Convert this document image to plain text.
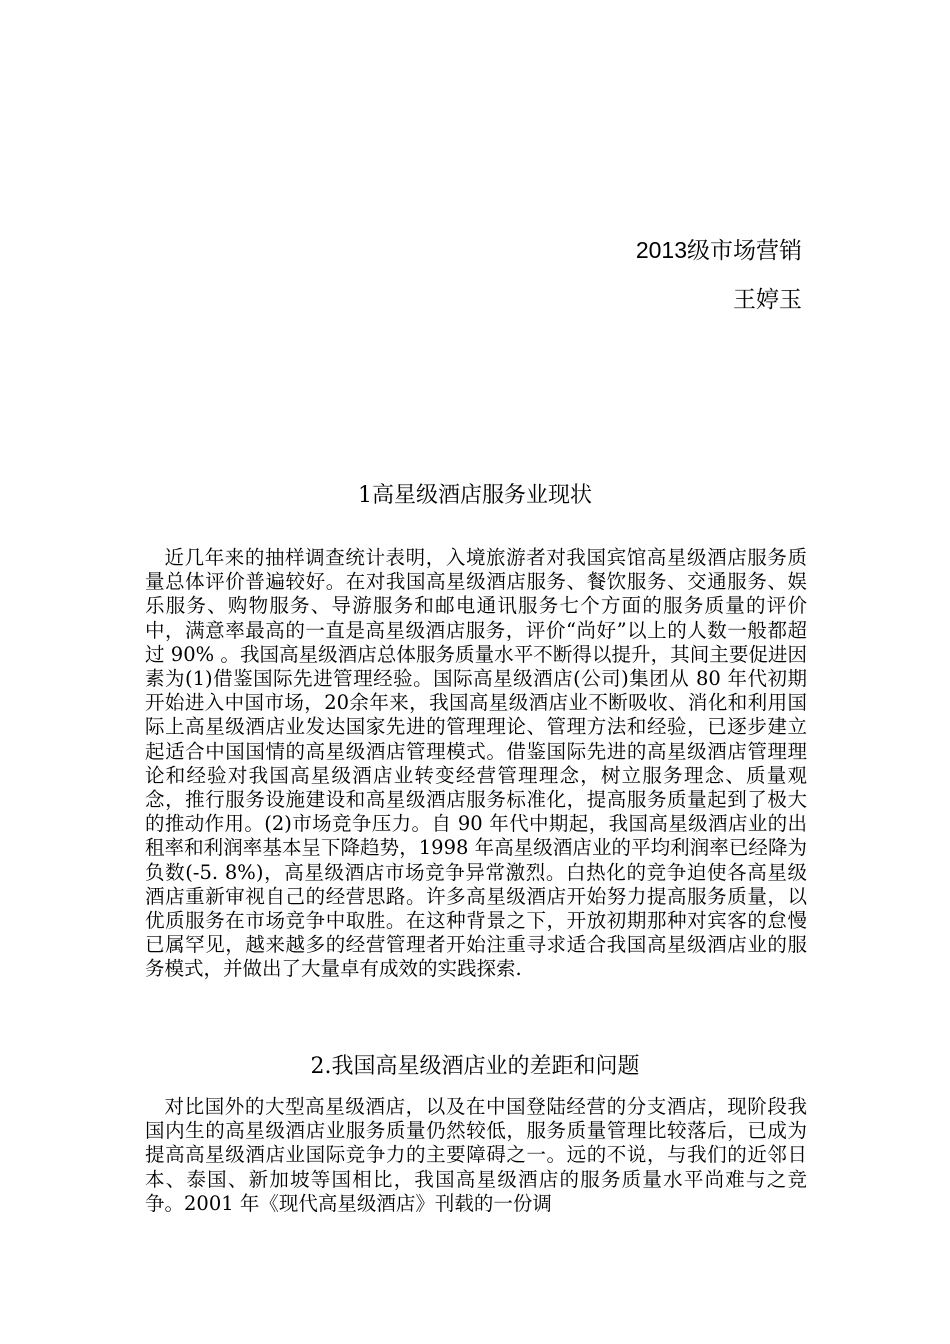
2013级市场营销
王婷玉
1高星级酒店服务业现状

近几年来的抽样调查统计表明，入境旅游者对我国宾馆高星级酒店服务质量总体评价普遍较好。在对我国高星级酒店服务、餐饮服务、交通服务、娱乐服务、购物服务、导游服务和邮电通讯服务七个方面的服务质量的评价中，满意率最高的一直是高星级酒店服务，评价“尚好”以上的人数一般都超过 90% 。我国高星级酒店总体服务质量水平不断得以提升，其间主要促进因素为(1)借鉴国际先进管理经验。国际高星级酒店(公司)集团从 80 年代初期开始进入中国市场，20余年来，我国高星级酒店业不断吸收、消化和利用国际上高星级酒店业发达国家先进的管理理论、管理方法和经验，已逐步建立起适合中国国情的高星级酒店管理模式。借鉴国际先进的高星级酒店管理理论和经验对我国高星级酒店业转变经营管理理念，树立服务理念、质量观念，推行服务设施建设和高星级酒店服务标准化，提高服务质量起到了极大的推动作用。(2)市场竞争压力。自 90 年代中期起，我国高星级酒店业的出租率和利润率基本呈下降趋势，1998 年高星级酒店业的平均利润率已经降为负数(-5. 8%)，高星级酒店市场竞争异常激烈。白热化的竞争迫使各高星级酒店重新审视自己的经营思路。许多高星级酒店开始努力提高服务质量，以优质服务在市场竞争中取胜。在这种背景之下，开放初期那种对宾客的怠慢已属罕见，越来越多的经营管理者开始注重寻求适合我国高星级酒店业的服务模式，并做出了大量卓有成效的实践探索.

2.我国高星级酒店业的差距和问题

对比国外的大型高星级酒店，以及在中国登陆经营的分支酒店，现阶段我国内生的高星级酒店业服务质量仍然较低，服务质量管理比较落后，已成为提高高星级酒店业国际竞争力的主要障碍之一。远的不说，与我们的近邻日本、泰国、新加坡等国相比，我国高星级酒店的服务质量水平尚难与之竞争。2001 年《现代高星级酒店》刊载的一份调
